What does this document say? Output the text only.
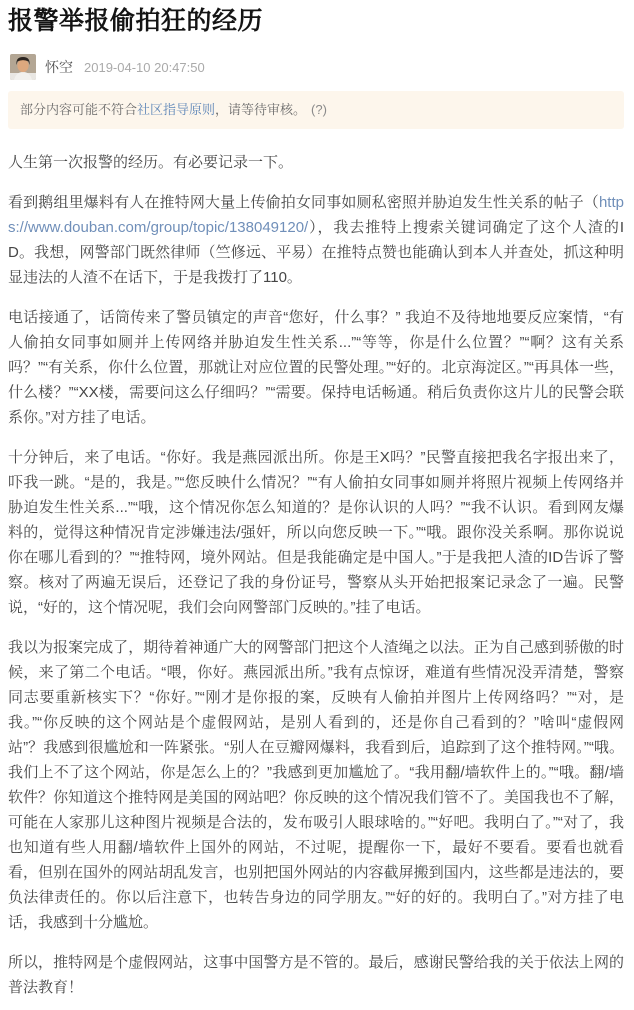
报警举报偷拍狂的经历
怀空 2019-04-10 20:47:50
部分内容可能不符合社区指导原则，请等待审核。 (?)

人生第一次报警的经历。有必要记录一下。

看到鹅组里爆料有人在推特网大量上传偷拍女同事如厕私密照并胁迫发生性关系的帖子（https://www.douban.com/group/topic/138049120/），我去推特上搜索关键词确定了这个人渣的ID。我想，网警部门既然律师（竺修远、平易）在推特点赞也能确认到本人并查处，抓这种明显违法的人渣不在话下，于是我拨打了110。

电话接通了，话筒传来了警员镇定的声音“您好，什么事？” 我迫不及待地地要反应案情，“有人偷拍女同事如厕并上传网络并胁迫发生性关系...”“等等，你是什么位置？”“啊？这有关系吗？”“有关系，你什么位置，那就让对应位置的民警处理。”“好的。北京海淀区。”“再具体一些，什么楼？”“XX楼，需要问这么仔细吗？”“需要。保持电话畅通。稍后负责你这片儿的民警会联系你。”对方挂了电话。

十分钟后，来了电话。“你好。我是燕园派出所。你是王X吗？”民警直接把我名字报出来了，吓我一跳。“是的，我是。”“您反映什么情况？”“有人偷拍女同事如厕并将照片视频上传网络并胁迫发生性关系...”“哦，这个情况你怎么知道的？是你认识的人吗？”“我不认识。看到网友爆料的，觉得这种情况肯定涉嫌违法/强奸，所以向您反映一下。”“哦。跟你没关系啊。那你说说你在哪儿看到的？”“推特网，境外网站。但是我能确定是中国人。”于是我把人渣的ID告诉了警察。核对了两遍无误后，还登记了我的身份证号，警察从头开始把报案记录念了一遍。民警说，“好的，这个情况呢，我们会向网警部门反映的。”挂了电话。

我以为报案完成了，期待着神通广大的网警部门把这个人渣绳之以法。正为自己感到骄傲的时候，来了第二个电话。“喂，你好。燕园派出所。”我有点惊讶，难道有些情况没弄清楚，警察同志要重新核实下？“你好。”“刚才是你报的案，反映有人偷拍并图片上传网络吗？”“对，是我。”“你反映的这个网站是个虚假网站，是别人看到的，还是你自己看到的？”啥叫“虚假网站”？我感到很尴尬和一阵紧张。“别人在豆瓣网爆料，我看到后，追踪到了这个推特网。”“哦。我们上不了这个网站，你是怎么上的？”我感到更加尴尬了。“我用翻/墙软件上的。”“哦。翻/墙软件？你知道这个推特网是美国的网站吧？你反映的这个情况我们管不了。美国我也不了解，可能在人家那儿这种图片视频是合法的，发布吸引人眼球啥的。”“好吧。我明白了。”“对了，我也知道有些人用翻/墙软件上国外的网站，不过呢，提醒你一下，最好不要看。要看也就看看，但别在国外的网站胡乱发言，也别把国外网站的内容截屏搬到国内，这些都是违法的，要负法律责任的。你以后注意下，也转告身边的同学朋友。”“好的好的。我明白了。”对方挂了电话，我感到十分尴尬。

所以，推特网是个虚假网站，这事中国警方是不管的。最后，感谢民警给我的关于依法上网的普法教育！
